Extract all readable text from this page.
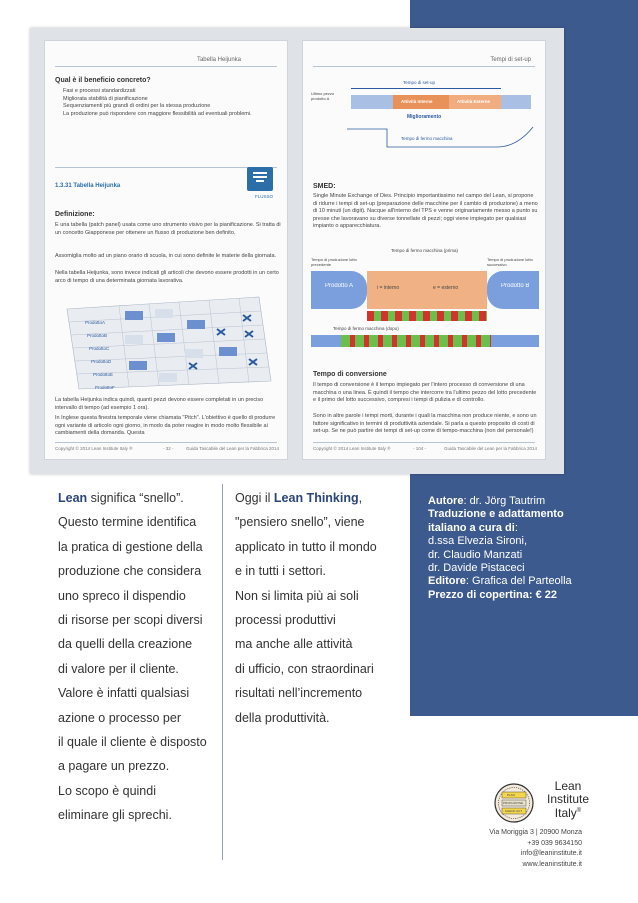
Tabella Heijunka
Qual è il beneficio concreto?
• Fasi e processi standardizzati
• Migliorata stabilità di pianificazione
• Sequenziamenti più grandi di ordini per la stessa produzione
• La produzione può rispondere con maggiore flessibilità ad eventuali problemi.
1.3.31 Tabella Heijunka
FLUSSO
Definizione:

È una tabella (patch panel) usata come uno strumento visivo per la pianificazione. Si tratta di un concetto Giapponese per ottenere un flusso di produzione ben definito.

Assomiglia molto ad un piano orario di scuola, in cui sono definite le materie della giornata.

Nella tabella Heijunka, sono invece indicati gli articoli che devono essere prodotti in un certo arco di tempo di una determinata giornata lavorativa.

ProdottoA
ProdottoB
ProdottoC
ProdottoD
ProdottoE
ProdottoF

La tabella Heijunka indica quindi, quanti pezzi devono essere completati in un preciso intervallo di tempo (ad esempio 1 ora).

In Inglese questa finestra temporale viene chiamata "Pitch". L'obiettivo è quello di produrre ogni variante di articolo ogni giorno, in modo da poter reagire in modo molto flessibile ai cambiamenti della domanda. Questa

Copyright © 2014 Lean Institute Italy ®	- 32 -	Guida Tascabile del Lean per la Fabbrica 2014
Tempi di set-up
Tempo di set-up
Ultimo pezzo prodotto A
Attività Interne	Attività Esterne
Miglioramento
Tempo di fermo macchina
SMED:

Single Minute Exchange of Dies. Principio importantissimo nel campo del Lean, si propone di ridurre i tempi di set-up (preparazione delle macchine per il cambio di produzione) a meno di 10 minuti (un digit). Nacque all'interno del TPS e venne originariamente messo a punto su presse che lavoravano su diverse tonnellate di pezzi; oggi viene impiegato per qualsiasi impianto o apparecchiatura.

Tempo di fermo macchina (prima)
Tempo di produzione lotto precedente
Tempo di produzione lotto successivo
Prodotto A	i = interno	e = esterno	Prodotto B
Tempo di fermo macchina (dopo)
Tempo di conversione

Il tempo di conversione è il tempo impiegato per l'intero processo di conversione di una macchina o una linea. È quindi il tempo che intercorre tra l'ultimo pezzo del lotto precedente e il primo del lotto successivo, compresi i tempi di pulizia e di controllo.

Sono in altre parole i tempi morti, durante i quali la macchina non produce niente, e sono un fattore significativo in termini di produttività aziendale. Si parla a questo proposito di costi di set-up. Se ne può partire dei tempi di set-up come di tempo-macchina (non del personale!)

Copyright © 2014 Lean Institute Italy ®	- 104 -	Guida Tascabile del Lean per la Fabbrica 2014

Lean significa “snello”.

Questo termine identifica

la pratica di gestione della

produzione che considera

uno spreco il dispendio

di risorse per scopi diversi

da quelli della creazione

di valore per il cliente.

Valore è infatti qualsiasi

azione o processo per

il quale il cliente è disposto

a pagare un prezzo.

Lo scopo è quindi

eliminare gli sprechi.

Oggi il Lean Thinking,

"pensiero snello”, viene

applicato in tutto il mondo

e in tutti i settori.

Non si limita più ai soli

processi produttivi

ma anche alle attività

di ufficio, con straordinari

risultati nell’incremento

della produttività.

Autore: dr. Jörg Tautrim

Traduzione e adattamento

italiano a cura di:

d.ssa Elvezia Sironi,

dr. Claudio Manzati

dr. Davide Pistaceci

Editore: Grafica del Parteolla

Prezzo di copertina: € 22

PLAN
PRODUZIONE
CHECK ACT
Lean
Institute
Italy®

Via Moriggia 3 | 20900 Monza

+39 039 9634150

info@leaninstitute.it

www.leaninstitute.it
